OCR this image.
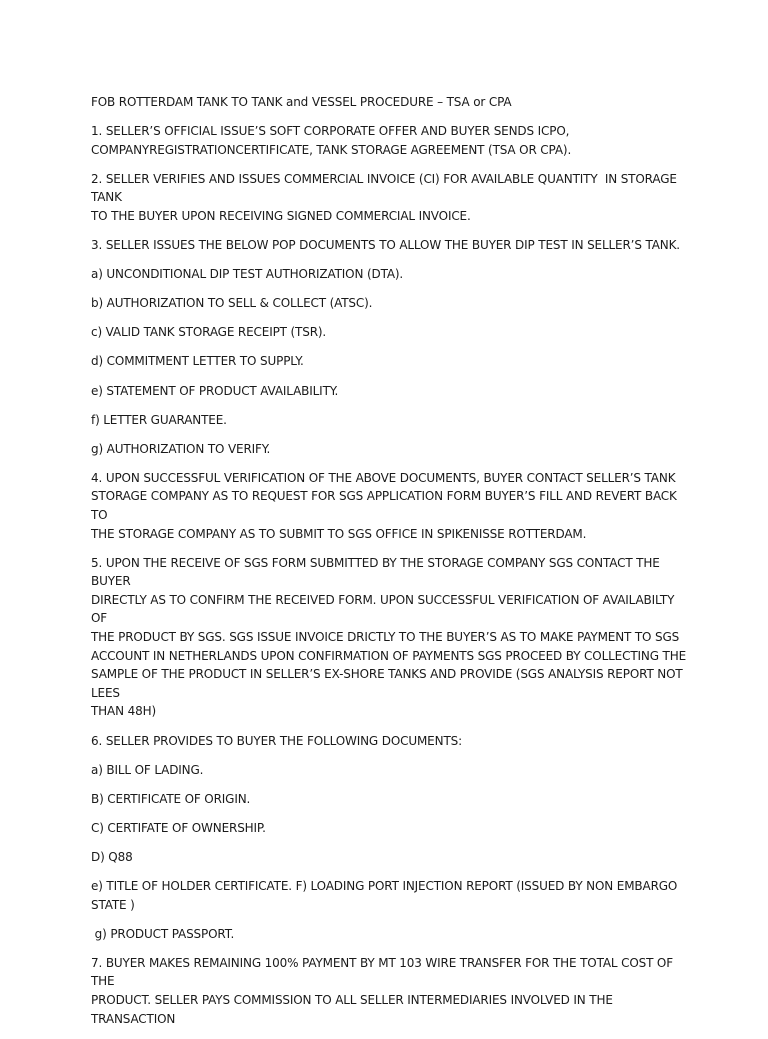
FOB ROTTERDAM TANK TO TANK and VESSEL PROCEDURE – TSA or CPA

1. SELLER’S OFFICIAL ISSUE’S SOFT CORPORATE OFFER AND BUYER SENDS ICPO,
COMPANYREGISTRATIONCERTIFICATE, TANK STORAGE AGREEMENT (TSA OR CPA).

2. SELLER VERIFIES AND ISSUES COMMERCIAL INVOICE (CI) FOR AVAILABLE QUANTITY  IN STORAGE TANK
TO THE BUYER UPON RECEIVING SIGNED COMMERCIAL INVOICE.

3. SELLER ISSUES THE BELOW POP DOCUMENTS TO ALLOW THE BUYER DIP TEST IN SELLER’S TANK.

a) UNCONDITIONAL DIP TEST AUTHORIZATION (DTA).

b) AUTHORIZATION TO SELL & COLLECT (ATSC).

c) VALID TANK STORAGE RECEIPT (TSR).

d) COMMITMENT LETTER TO SUPPLY.

e) STATEMENT OF PRODUCT AVAILABILITY.

f) LETTER GUARANTEE.

g) AUTHORIZATION TO VERIFY.

4. UPON SUCCESSFUL VERIFICATION OF THE ABOVE DOCUMENTS, BUYER CONTACT SELLER’S TANK
STORAGE COMPANY AS TO REQUEST FOR SGS APPLICATION FORM BUYER’S FILL AND REVERT BACK TO
THE STORAGE COMPANY AS TO SUBMIT TO SGS OFFICE IN SPIKENISSE ROTTERDAM.

5. UPON THE RECEIVE OF SGS FORM SUBMITTED BY THE STORAGE COMPANY SGS CONTACT THE BUYER
DIRECTLY AS TO CONFIRM THE RECEIVED FORM. UPON SUCCESSFUL VERIFICATION OF AVAILABILTY OF
THE PRODUCT BY SGS. SGS ISSUE INVOICE DRICTLY TO THE BUYER’S AS TO MAKE PAYMENT TO SGS
ACCOUNT IN NETHERLANDS UPON CONFIRMATION OF PAYMENTS SGS PROCEED BY COLLECTING THE
SAMPLE OF THE PRODUCT IN SELLER’S EX-SHORE TANKS AND PROVIDE (SGS ANALYSIS REPORT NOT LEES
THAN 48H)

6. SELLER PROVIDES TO BUYER THE FOLLOWING DOCUMENTS:

a) BILL OF LADING.

B) CERTIFICATE OF ORIGIN.

C) CERTIFATE OF OWNERSHIP.

D) Q88

e) TITLE OF HOLDER CERTIFICATE. F) LOADING PORT INJECTION REPORT (ISSUED BY NON EMBARGO
STATE )

g) PRODUCT PASSPORT.

7. BUYER MAKES REMAINING 100% PAYMENT BY MT 103 WIRE TRANSFER FOR THE TOTAL COST OF THE
PRODUCT. SELLER PAYS COMMISSION TO ALL SELLER INTERMEDIARIES INVOLVED IN THE TRANSACTION
